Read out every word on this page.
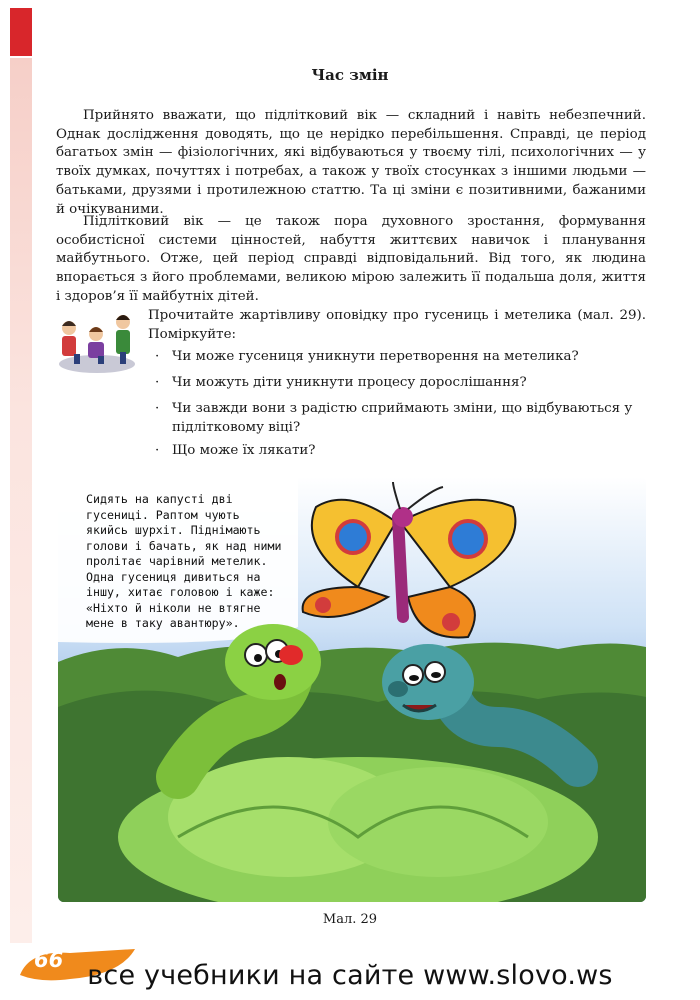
Час змін

Прийнято вважати, що підлітковий вік — складний і навіть небезпечний. Однак дослідження доводять, що це нерідко перебільшення. Справді, це період багатьох змін — фізіологічних, які відбуваються у твоєму тілі, психологічних — у твоїх думках, почуттях і потребах, а також у твоїх стосунках з іншими людьми — батьками, друзями і протилежною статтю. Та ці зміни є позитивними, бажаними й очікуваними.

Підлітковий вік — це також пора духовного зростання, формування особистісної системи цінностей, набуття життєвих навичок і планування майбутнього. Отже, цей період справді відповідальний. Від того, як людина впорається з його проблемами, великою мірою залежить її подальша доля, життя і здоров’я її майбутніх дітей.

Прочитайте жартівливу оповідку про гусениць і метелика (мал. 29). Поміркуйте:

· Чи може гусениця уникнути перетворення на метелика?
· Чи можуть діти уникнути процесу дорослішання?
· Чи завжди вони з радістю сприймають зміни, що відбуваються у підлітковому віці?
· Що може їх лякати?

Сидять на капусті дві
гусениці. Раптом чують
якийсь шурхіт. Піднімають
голови і бачать, як над ними
пролітає чарівний метелик.
Одна гусениця дивиться на
іншу, хитає головою і каже:
«Ніхто й ніколи не втягне
мене в таку авантюру».

Мал. 29
66 все учебники на сайте www.slovo.ws
